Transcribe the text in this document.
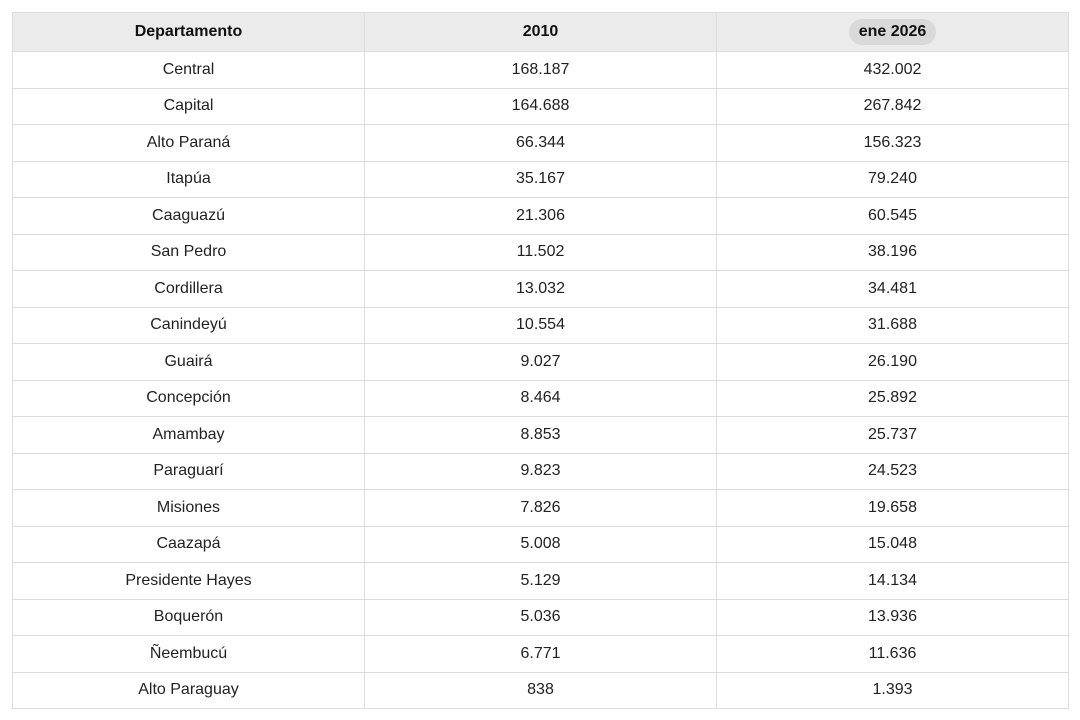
Departamento	2010	ene 2026
Central	168.187	432.002
Capital	164.688	267.842
Alto Paraná	66.344	156.323
Itapúa	35.167	79.240
Caaguazú	21.306	60.545
San Pedro	11.502	38.196
Cordillera	13.032	34.481
Canindeyú	10.554	31.688
Guairá	9.027	26.190
Concepción	8.464	25.892
Amambay	8.853	25.737
Paraguarí	9.823	24.523
Misiones	7.826	19.658
Caazapá	5.008	15.048
Presidente Hayes	5.129	14.134
Boquerón	5.036	13.936
Ñeembucú	6.771	11.636
Alto Paraguay	838	1.393
